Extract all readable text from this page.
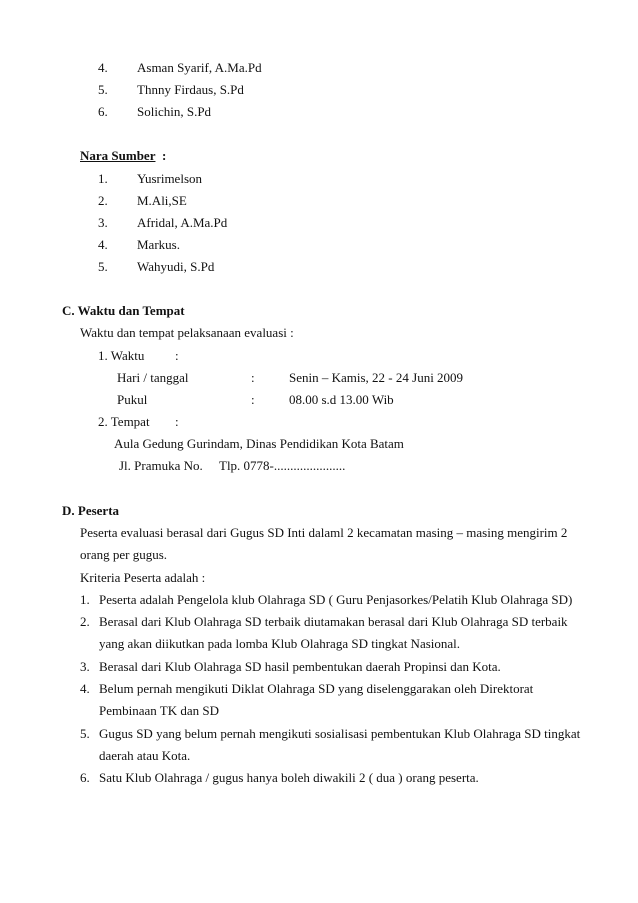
4. Asman Syarif, A.Ma.Pd
5. Thnny Firdaus, S.Pd
6. Solichin, S.Pd
Nara Sumber :
1. Yusrimelson
2. M.Ali,SE
3. Afridal, A.Ma.Pd
4. Markus.
5. Wahyudi, S.Pd
C. Waktu dan Tempat
Waktu dan tempat pelaksanaan evaluasi :
1. Waktu :
Hari / tanggal	:	Senin – Kamis, 22 - 24 Juni 2009
Pukul	:	08.00 s.d 13.00 Wib
2. Tempat :
Aula Gedung Gurindam, Dinas Pendidikan Kota Batam
Jl. Pramuka No. Tlp. 0778-......................
D. Peserta
Peserta evaluasi berasal dari Gugus SD Inti dalaml 2 kecamatan masing – masing mengirim 2
orang per gugus.
Kriteria Peserta adalah :
1. Peserta adalah Pengelola klub Olahraga SD ( Guru Penjasorkes/Pelatih Klub Olahraga SD)
2. Berasal dari Klub Olahraga SD terbaik diutamakan berasal dari Klub Olahraga SD terbaik
yang akan diikutkan pada lomba Klub Olahraga SD tingkat Nasional.
3. Berasal dari Klub Olahraga SD hasil pembentukan daerah Propinsi dan Kota.
4. Belum pernah mengikuti Diklat Olahraga SD yang diselenggarakan oleh Direktorat
Pembinaan TK dan SD
5. Gugus SD yang belum pernah mengikuti sosialisasi pembentukan Klub Olahraga SD tingkat
daerah atau Kota.
6. Satu Klub Olahraga / gugus hanya boleh diwakili 2 ( dua ) orang peserta.
